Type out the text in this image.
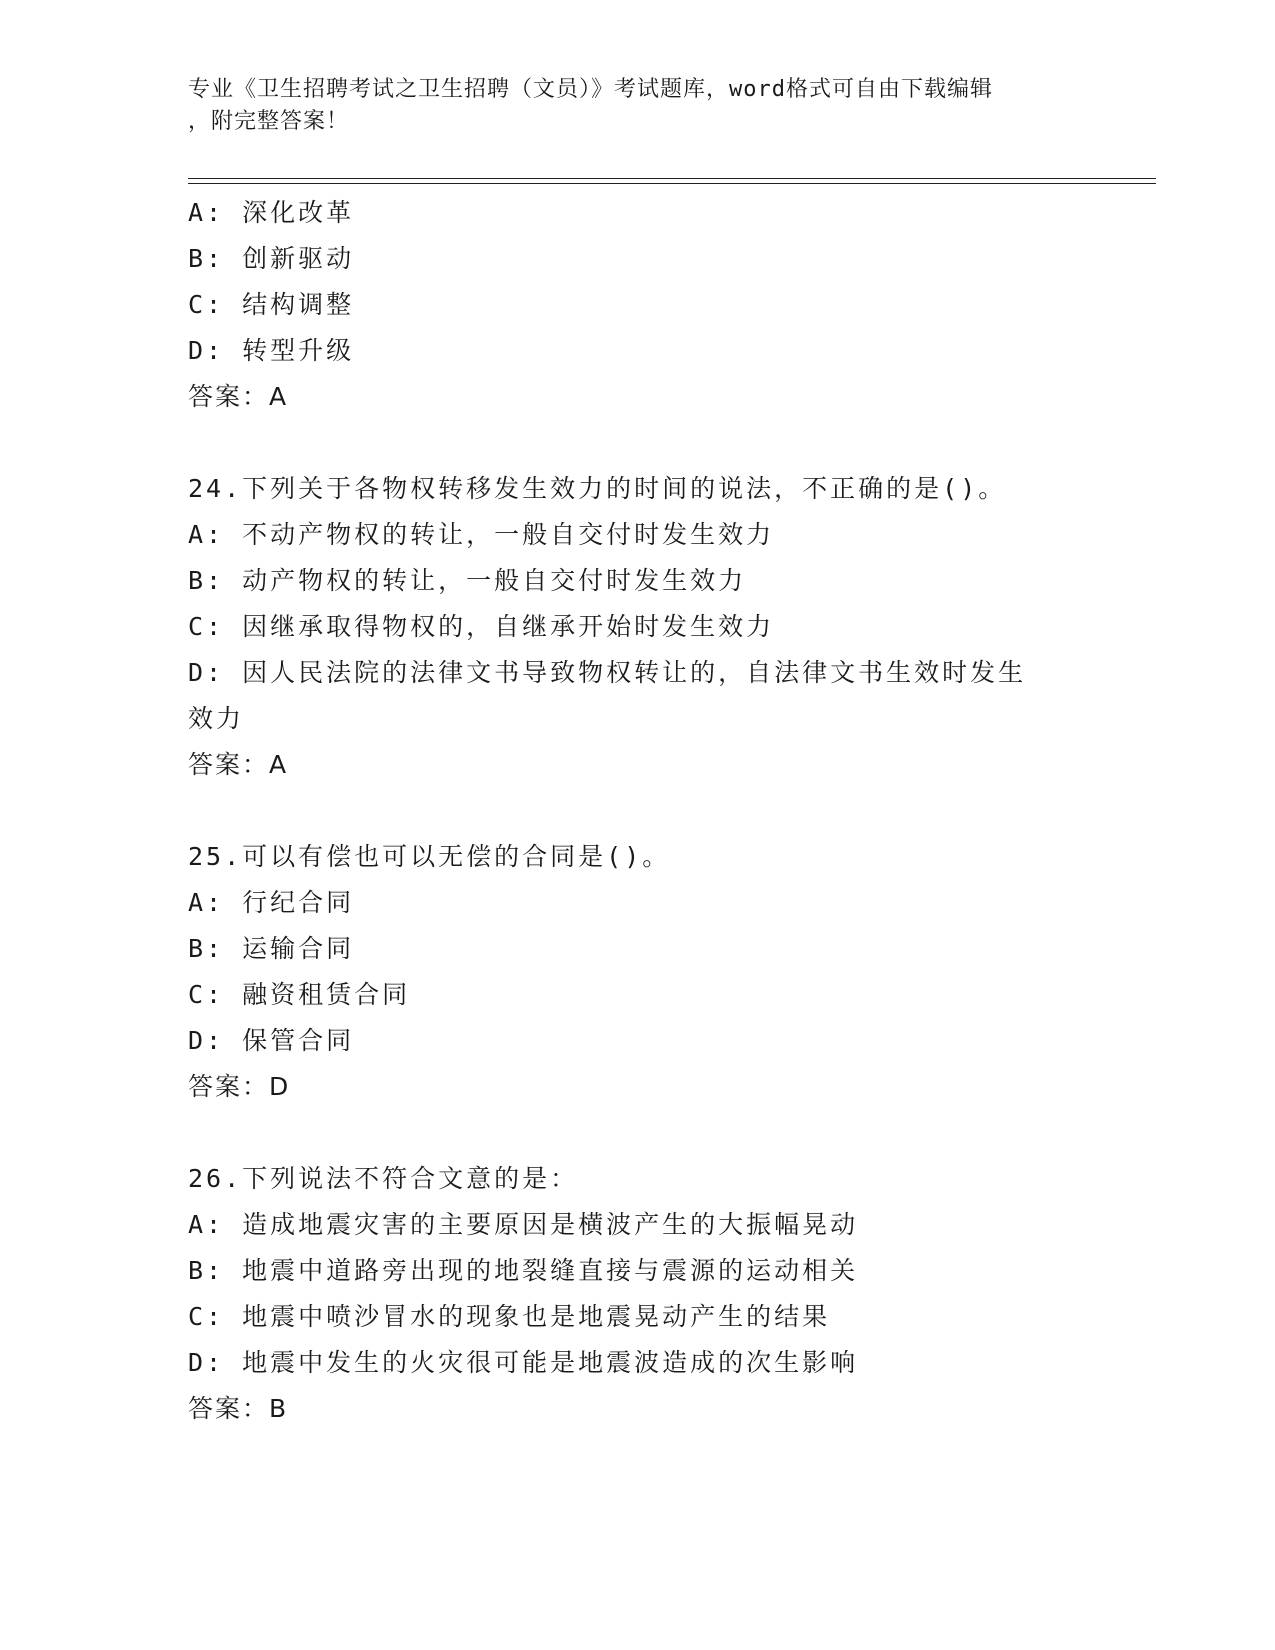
专业《卫生招聘考试之卫生招聘（文员）》考试题库，word格式可自由下载编辑
，附完整答案！
A: 深化改革
B: 创新驱动
C: 结构调整
D: 转型升级
答案：A
24.下列关于各物权转移发生效力的时间的说法，不正确的是()。
A: 不动产物权的转让，一般自交付时发生效力
B: 动产物权的转让，一般自交付时发生效力
C: 因继承取得物权的，自继承开始时发生效力
D: 因人民法院的法律文书导致物权转让的，自法律文书生效时发生效力
答案：A
25.可以有偿也可以无偿的合同是()。
A: 行纪合同
B: 运输合同
C: 融资租赁合同
D: 保管合同
答案：D
26.下列说法不符合文意的是：
A: 造成地震灾害的主要原因是横波产生的大振幅晃动
B: 地震中道路旁出现的地裂缝直接与震源的运动相关
C: 地震中喷沙冒水的现象也是地震晃动产生的结果
D: 地震中发生的火灾很可能是地震波造成的次生影响
答案：B
